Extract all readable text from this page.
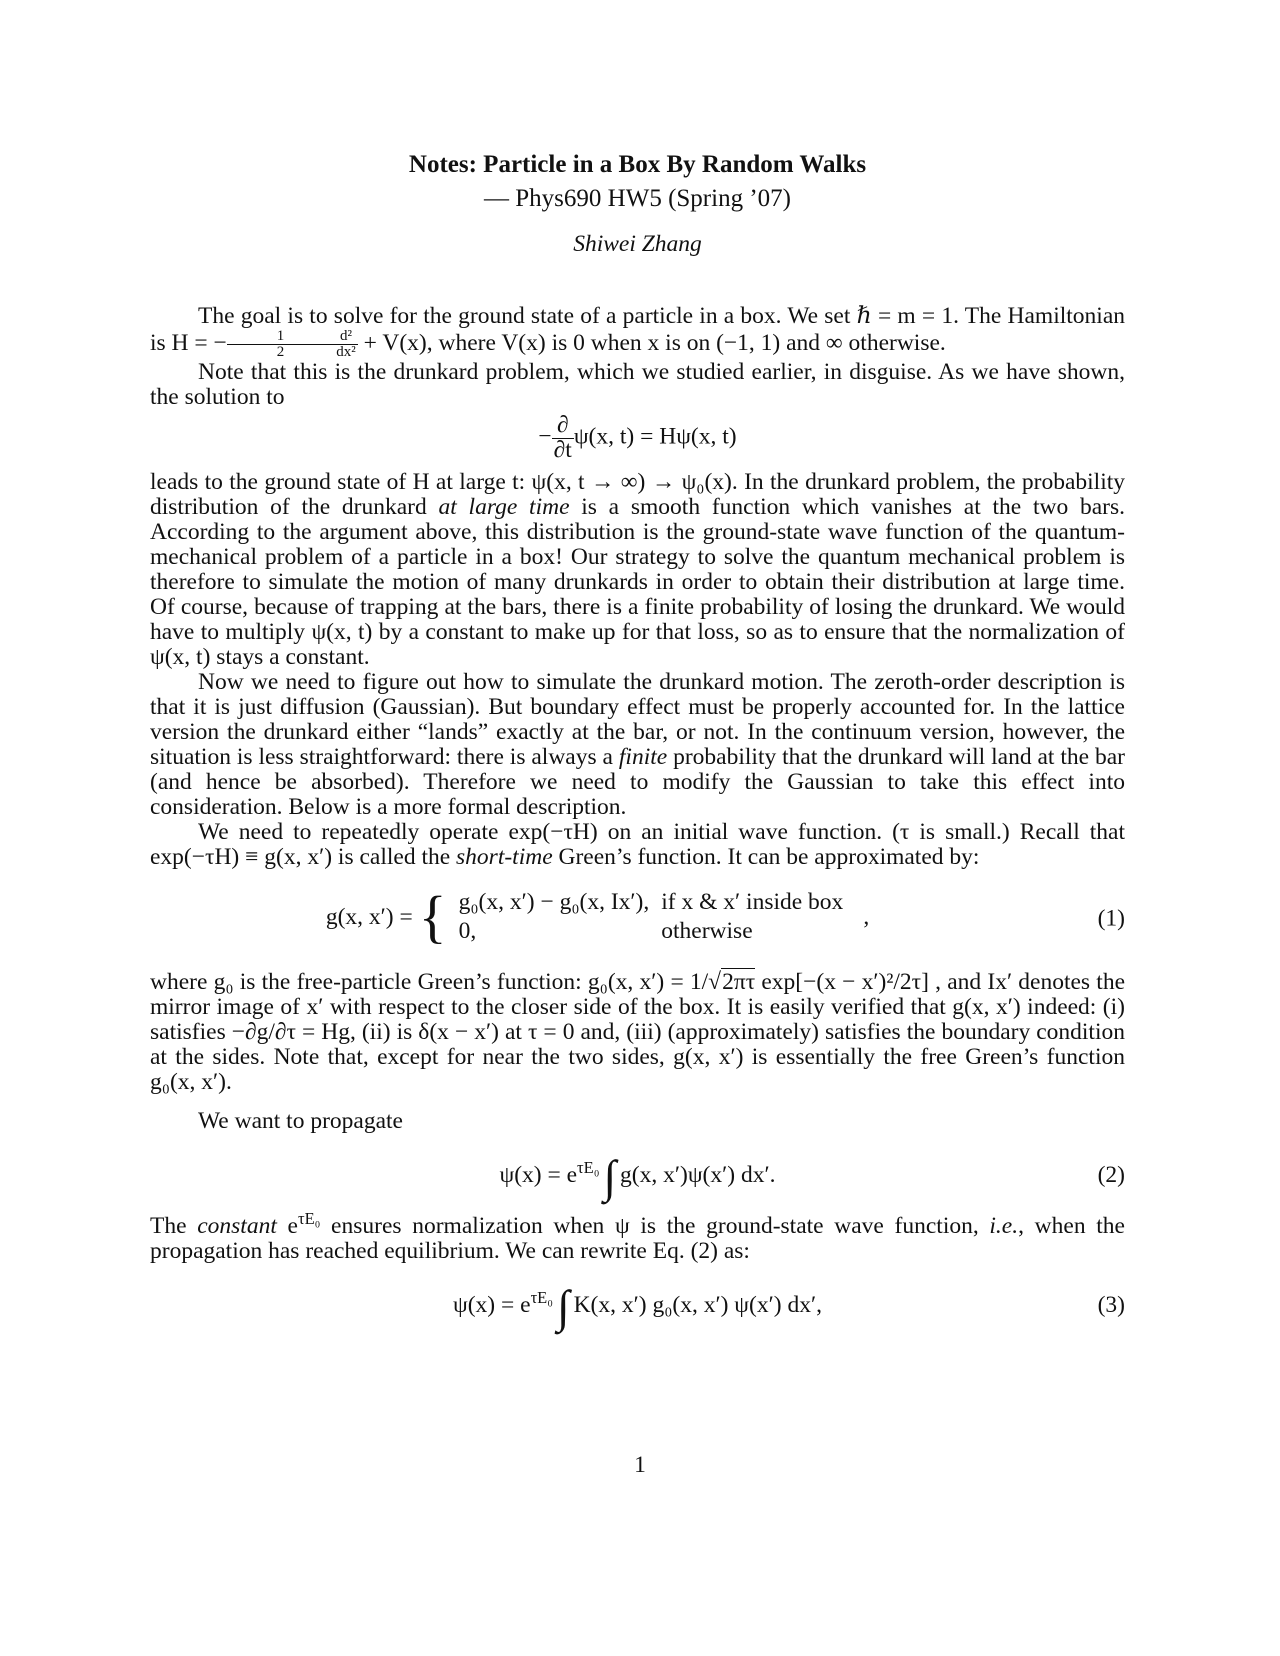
Notes: Particle in a Box By Random Walks
— Phys690 HW5 (Spring ’07)
Shiwei Zhang

The goal is to solve for the ground state of a particle in a box. We set ℏ = m = 1. The Hamiltonian is H = − $\frac{1}{2} \frac{\text{d²}}{\text{dx²}} + V(x)$, where V(x) is 0 when x is on (−1, 1) and ∞ otherwise.

Note that this is the drunkard problem, which we studied earlier, in disguise. As we have shown, the solution to

− $\frac{\partial}{\partial t} \psi(x$, t) = Hψ(x, t)

leads to the ground state of H at large t: ψ(x, t → ∞) → ψ₀(x). In the drunkard problem, the probability distribution of the drunkard at large time is a smooth function which vanishes at the two bars. According to the argument above, this distribution is the ground-state wave function of the quantum-mechanical problem of a particle in a box! Our strategy to solve the quantum mechanical problem is therefore to simulate the motion of many drunkards in order to obtain their distribution at large time. Of course, because of trapping at the bars, there is a finite probability of losing the drunkard. We would have to multiply ψ(x, t) by a constant to make up for that loss, so as to ensure that the normalization of ψ(x, t) stays a constant.

Now we need to figure out how to simulate the drunkard motion. The zeroth-order description is that it is just diffusion (Gaussian). But boundary effect must be properly accounted for. In the lattice version the drunkard either “lands” exactly at the bar, or not. In the continuum version, however, the situation is less straightforward: there is always a finite probability that the drunkard will land at the bar (and hence be absorbed). Therefore we need to modify the Gaussian to take this effect into consideration. Below is a more formal description.

We need to repeatedly operate exp(−τH) on an initial wave function. (τ is small.) Recall that exp(−τH) ≡ g(x, x′) is called the short-time Green’s function. It can be approximated by:

g(x, x′) = { g₀(x, x′) − g₀(x, Ix′),	if x & x′ inside box
0,	otherwise
,	(1)

where g₀ is the free-particle Green’s function: g₀(x, x′) = 1/√2πτ exp[−(x − x′)²/2τ] , and Ix′ denotes the mirror image of x′ with respect to the closer side of the box. It is easily verified that g(x, x′) indeed: (i) satisfies −∂g/∂τ = Hg, (ii) is δ(x − x′) at τ = 0 and, (iii) (approximately) satisfies the boundary condition at the sides. Note that, except for near the two sides, g(x, x′) is essentially the free Green’s function g₀(x, x′).

We want to propagate

$\psi(x) = e^{\tau E_0}\int$ g(x, x′)ψ(x′) dx′.	(2)

The constant $e^{\tau E_0}$ ensures normalization when ψ is the ground-state wave function, i.e., when the propagation has reached equilibrium. We can rewrite Eq. (2) as:

$\psi(x) = e^{\tau E_0}\int$ K(x, x′) g₀(x, x′) ψ(x′) dx′,	(3)
1
